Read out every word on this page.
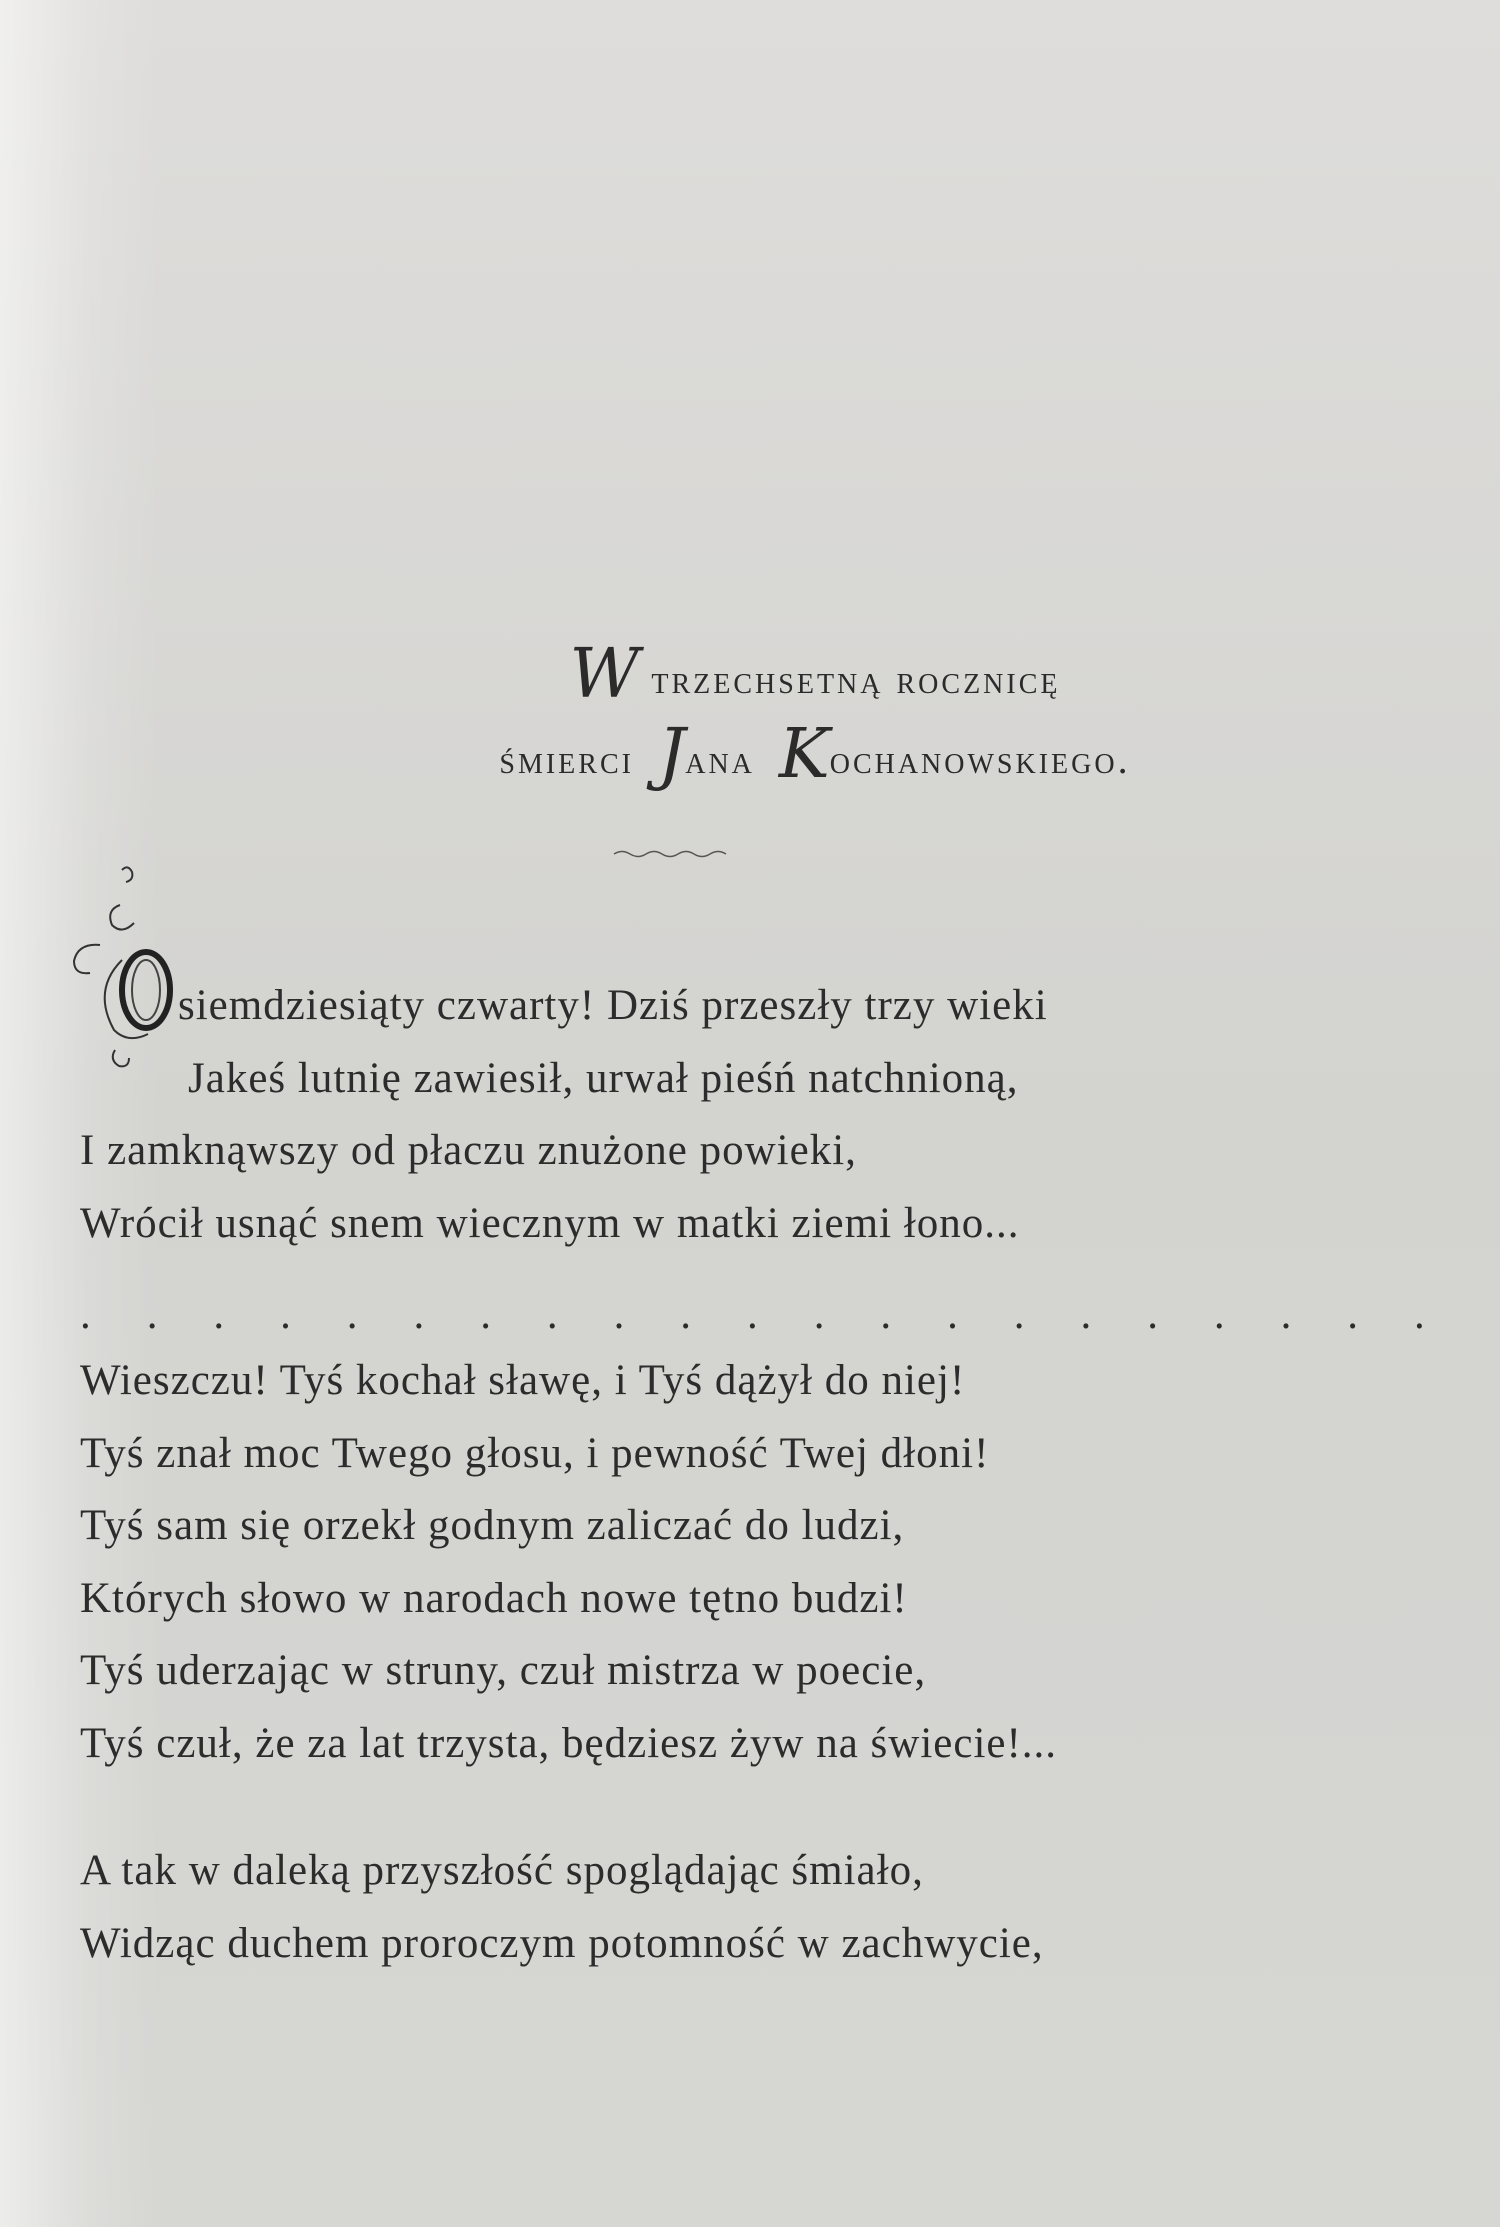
W trzechsetną rocznicę
śmierci Jana Kochanowskiego.
siemdziesiąty czwarty! Dziś przeszły trzy wieki
Jakeś lutnię zawiesił, urwał pieśń natchnioną,
I zamknąwszy od płaczu znużone powieki,
Wrócił usnąć snem wiecznym w matki ziemi łono...
. . . . . . . . . . . . . . . . . . . . .
Wieszczu! Tyś kochał sławę, i Tyś dążył do niej!
Tyś znał moc Twego głosu, i pewność Twej dłoni!
Tyś sam się orzekł godnym zaliczać do ludzi,
Których słowo w narodach nowe tętno budzi!
Tyś uderzając w struny, czuł mistrza w poecie,
Tyś czuł, że za lat trzysta, będziesz żyw na świecie!...
A tak w daleką przyszłość spoglądając śmiało,
Widząc duchem proroczym potomność w zachwycie,
